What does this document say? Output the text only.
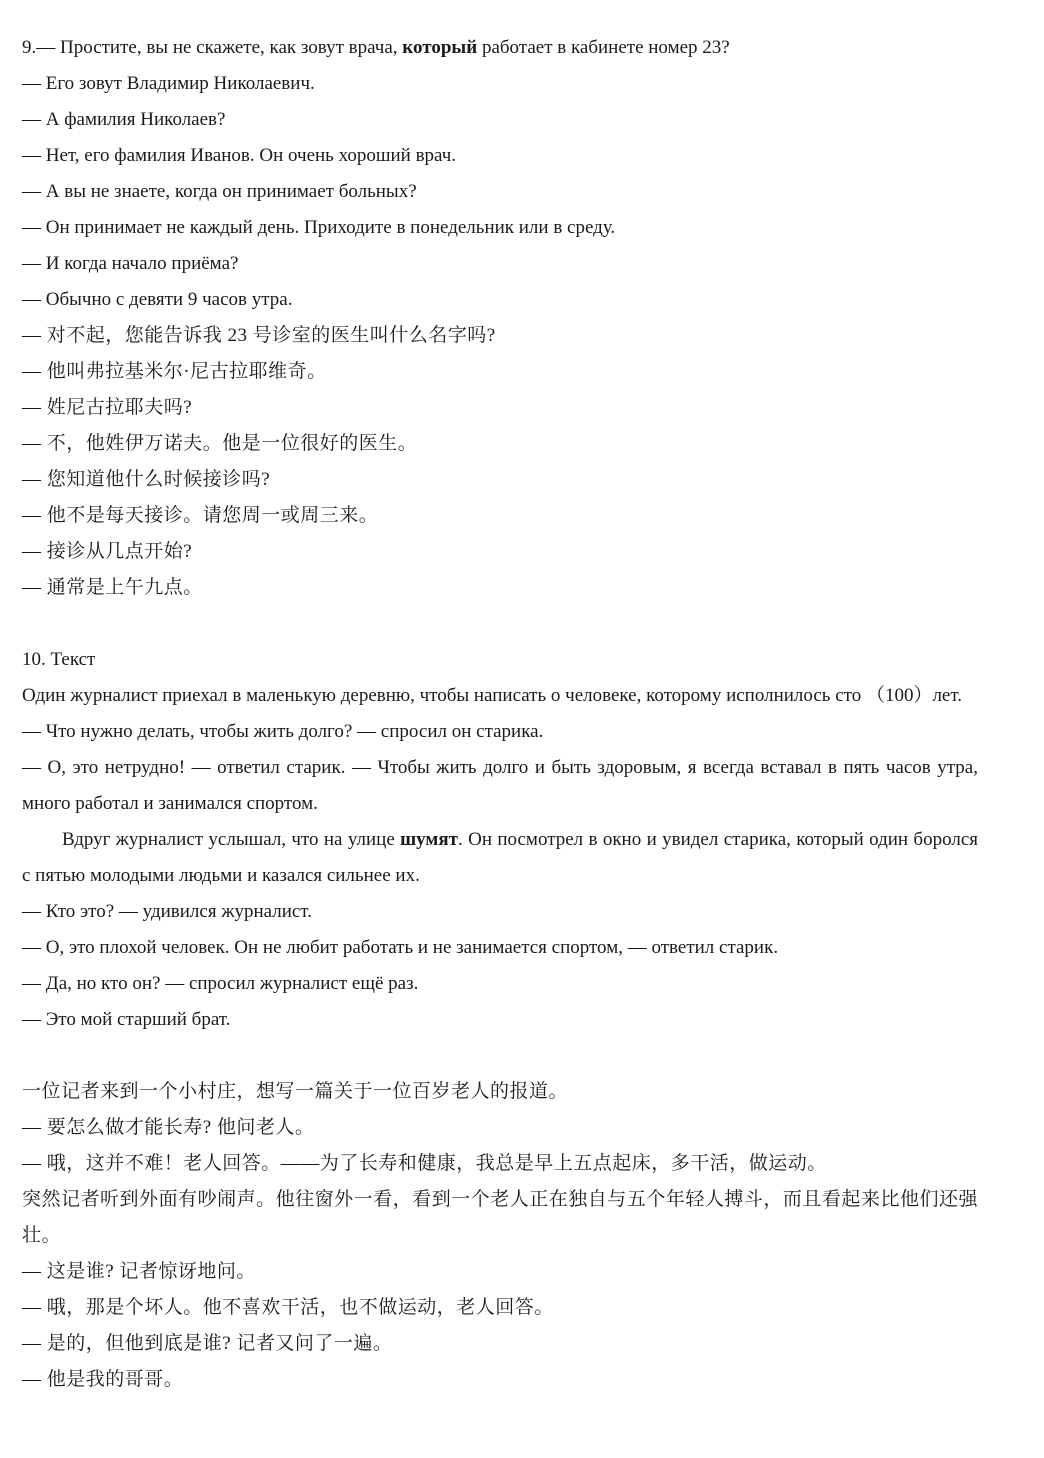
9.— Простите, вы не скажете, как зовут врача, который работает в кабинете номер 23?

— Его зовут Владимир Николаевич.

— А фамилия Николаев?

— Нет, его фамилия Иванов. Он очень хороший врач.

— А вы не знаете, когда он принимает больных?

— Он принимает не каждый день. Приходите в понедельник или в среду.

— И когда начало приёма?

— Обычно с девяти 9 часов утра.

— 对不起，您能告诉我 23 号诊室的医生叫什么名字吗?

— 他叫弗拉基米尔·尼古拉耶维奇。

— 姓尼古拉耶夫吗?

— 不，他姓伊万诺夫。他是一位很好的医生。

— 您知道他什么时候接诊吗?

— 他不是每天接诊。请您周一或周三来。

— 接诊从几点开始?

— 通常是上午九点。

10. Текст

Один журналист приехал в маленькую деревню, чтобы написать о человеке, которому исполнилось сто （100）лет.

— Что нужно делать, чтобы жить долго? — спросил он старика.

— О, это нетрудно! — ответил старик. — Чтобы жить долго и быть здоровым, я всегда вставал в пять часов утра, много работал и занимался спортом.

Вдруг журналист услышал, что на улице шумят. Он посмотрел в окно и увидел старика, который один боролся с пятью молодыми людьми и казался сильнее их.

— Кто это? — удивился журналист.

— О, это плохой человек. Он не любит работать и не занимается спортом, — ответил старик.

— Да, но кто он? — спросил журналист ещё раз.

— Это мой старший брат.

一位记者来到一个小村庄，想写一篇关于一位百岁老人的报道。

— 要怎么做才能长寿? 他问老人。

— 哦，这并不难！老人回答。——为了长寿和健康，我总是早上五点起床，多干活，做运动。

突然记者听到外面有吵闹声。他往窗外一看，看到一个老人正在独自与五个年轻人搏斗，而且看起来比他们还强壮。

— 这是谁? 记者惊讶地问。

— 哦，那是个坏人。他不喜欢干活，也不做运动，老人回答。

— 是的，但他到底是谁? 记者又问了一遍。

— 他是我的哥哥。
